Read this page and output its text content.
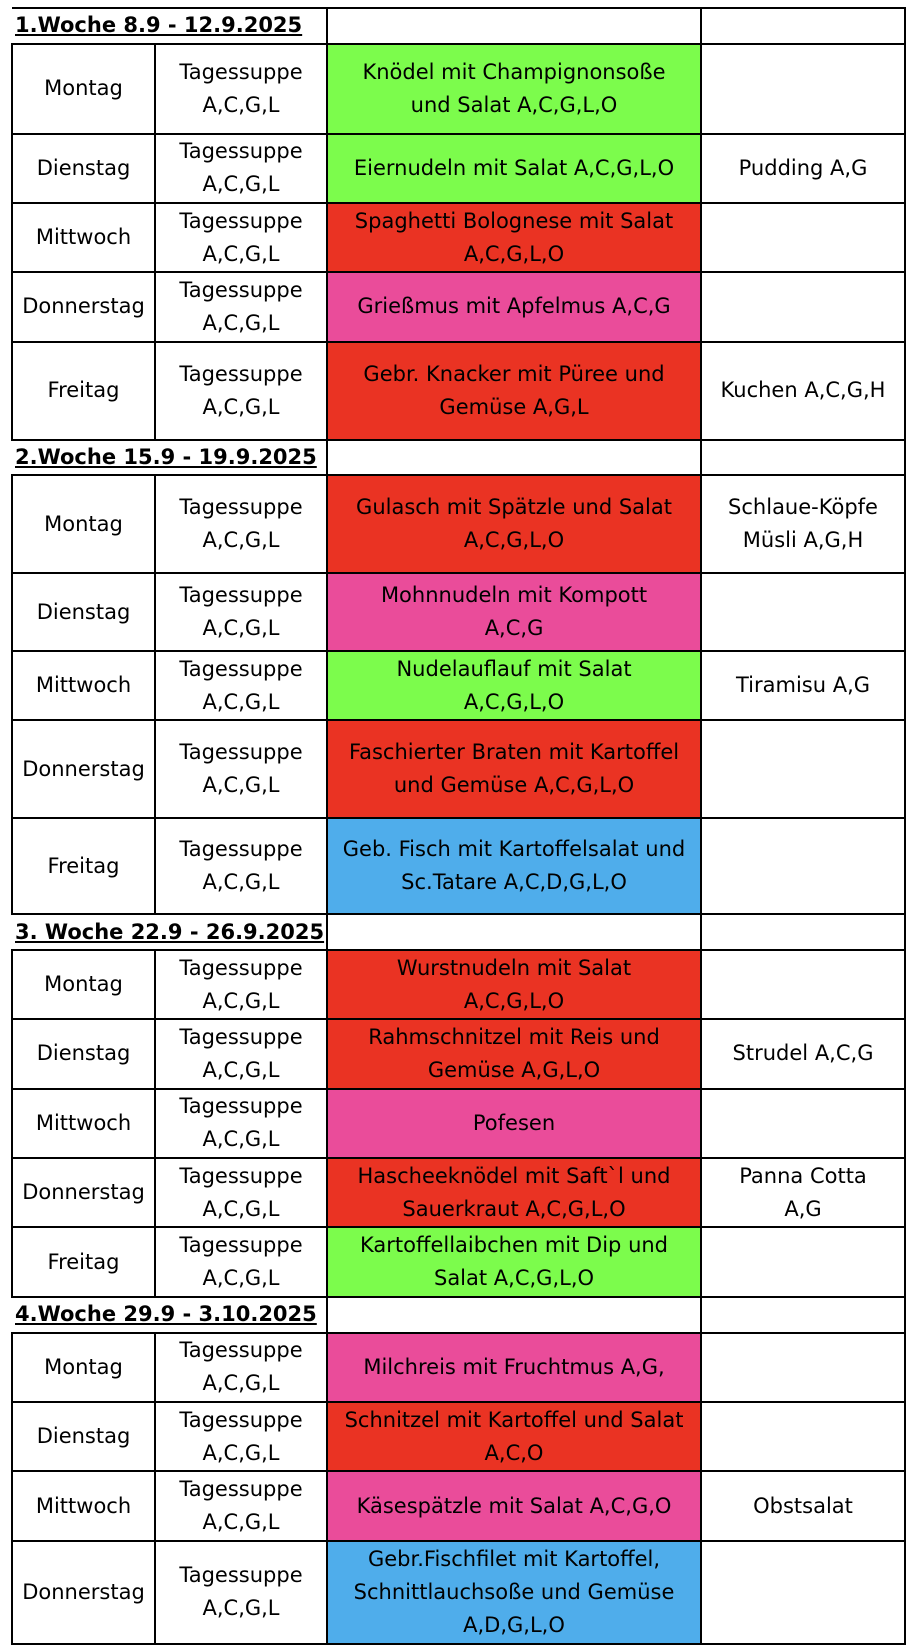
1.Woche 8.9 - 12.9.2025			
Montag	Tagessuppe
A,C,G,L	Knödel mit Champignonsoße
und Salat A,C,G,L,O	
Dienstag	Tagessuppe
A,C,G,L	Eiernudeln mit Salat A,C,G,L,O	Pudding A,G
Mittwoch	Tagessuppe
A,C,G,L	Spaghetti Bolognese mit Salat
A,C,G,L,O	
Donnerstag	Tagessuppe
A,C,G,L	Grießmus mit Apfelmus A,C,G	
Freitag	Tagessuppe
A,C,G,L	Gebr. Knacker mit Püree und
Gemüse A,G,L	Kuchen A,C,G,H
2.Woche 15.9 - 19.9.2025			
Montag	Tagessuppe
A,C,G,L	Gulasch mit Spätzle und Salat
A,C,G,L,O	Schlaue-Köpfe
Müsli A,G,H
Dienstag	Tagessuppe
A,C,G,L	Mohnnudeln mit Kompott
A,C,G	
Mittwoch	Tagessuppe
A,C,G,L	Nudelauflauf mit Salat
A,C,G,L,O	Tiramisu A,G
Donnerstag	Tagessuppe
A,C,G,L	Faschierter Braten mit Kartoffel
und Gemüse A,C,G,L,O	
Freitag	Tagessuppe
A,C,G,L	Geb. Fisch mit Kartoffelsalat und
Sc.Tatare A,C,D,G,L,O	
3. Woche 22.9 - 26.9.2025			
Montag	Tagessuppe
A,C,G,L	Wurstnudeln mit Salat
A,C,G,L,O	
Dienstag	Tagessuppe
A,C,G,L	Rahmschnitzel mit Reis und
Gemüse A,G,L,O	Strudel A,C,G
Mittwoch	Tagessuppe
A,C,G,L	Pofesen	
Donnerstag	Tagessuppe
A,C,G,L	Hascheeknödel mit Saft`l und
Sauerkraut A,C,G,L,O	Panna Cotta
A,G
Freitag	Tagessuppe
A,C,G,L	Kartoffellaibchen mit Dip und
Salat A,C,G,L,O	
4.Woche 29.9 - 3.10.2025			
Montag	Tagessuppe
A,C,G,L	Milchreis mit Fruchtmus A,G,	
Dienstag	Tagessuppe
A,C,G,L	Schnitzel mit Kartoffel und Salat
A,C,O	
Mittwoch	Tagessuppe
A,C,G,L	Käsespätzle mit Salat A,C,G,O	Obstsalat
Donnerstag	Tagessuppe
A,C,G,L	Gebr.Fischfilet mit Kartoffel,
Schnittlauchsoße und Gemüse
A,D,G,L,O	
